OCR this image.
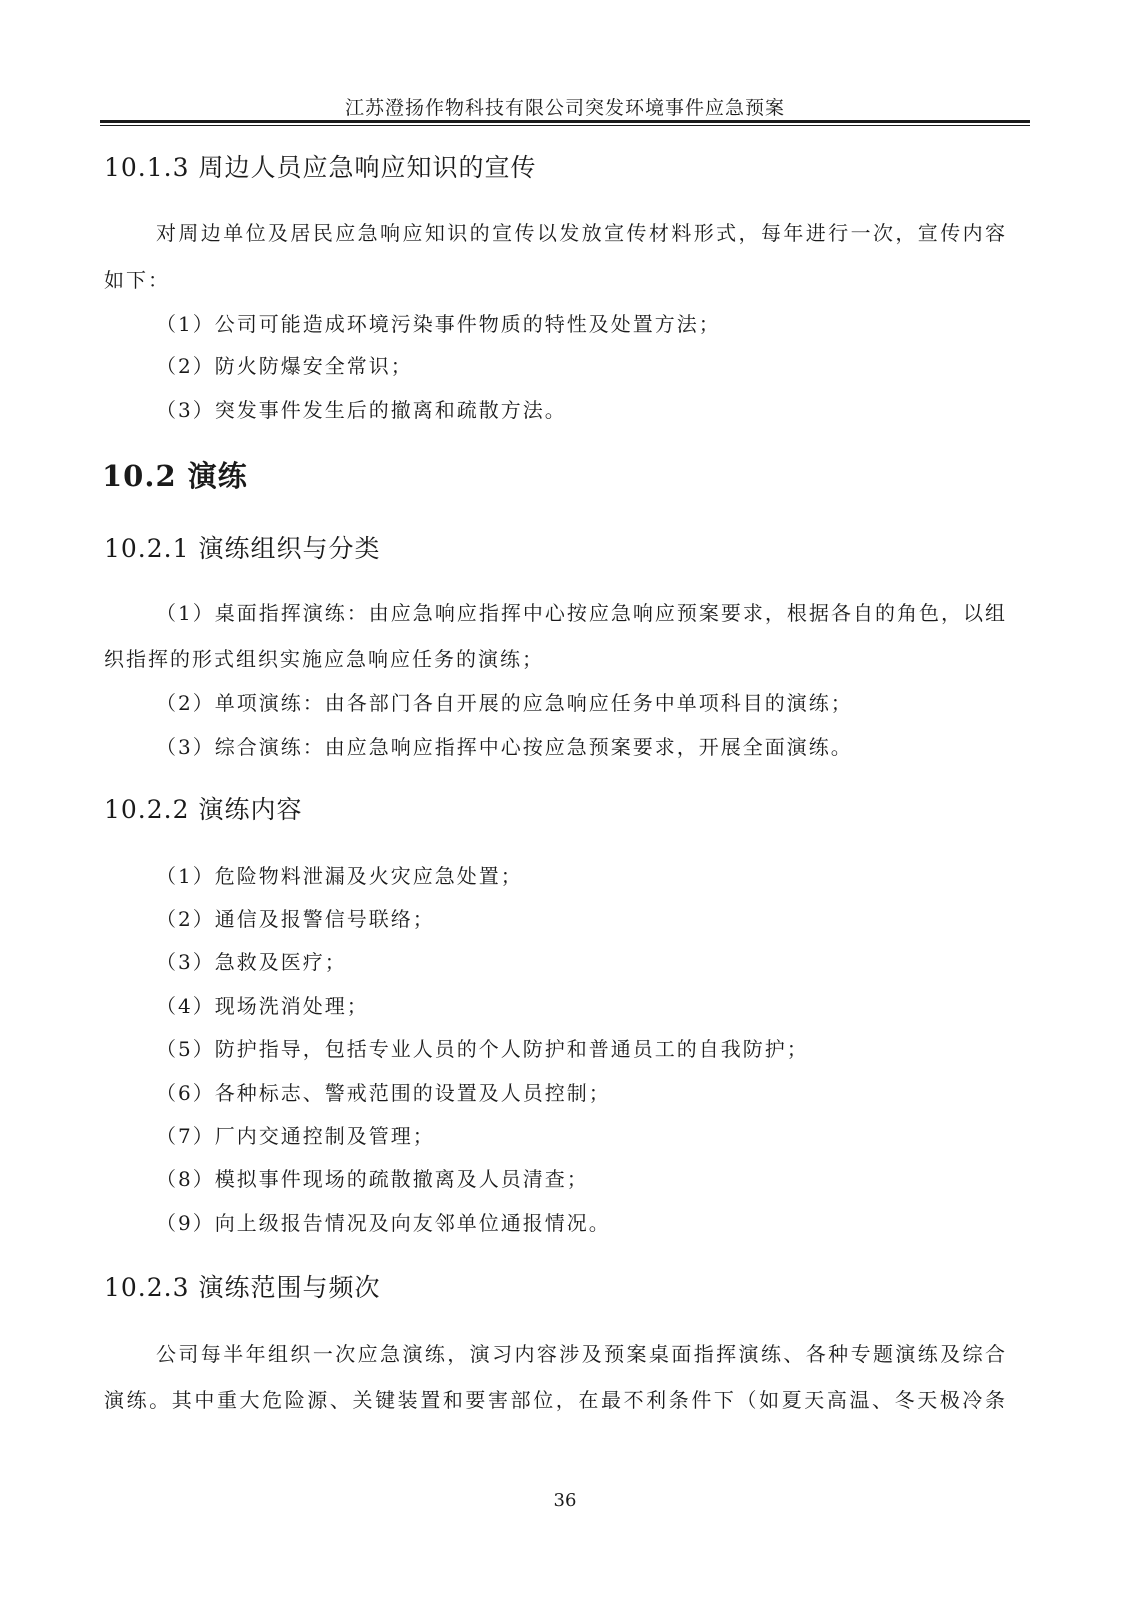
江苏澄扬作物科技有限公司突发环境事件应急预案
10.1.3 周边人员应急响应知识的宣传
对周边单位及居民应急响应知识的宣传以发放宣传材料形式，每年进行一次，宣传内容
如下：
（1）公司可能造成环境污染事件物质的特性及处置方法；
（2）防火防爆安全常识；
（3）突发事件发生后的撤离和疏散方法。
10.2 演练
10.2.1 演练组织与分类
（1）桌面指挥演练：由应急响应指挥中心按应急响应预案要求，根据各自的角色，以组
织指挥的形式组织实施应急响应任务的演练；
（2）单项演练：由各部门各自开展的应急响应任务中单项科目的演练；
（3）综合演练：由应急响应指挥中心按应急预案要求，开展全面演练。
10.2.2 演练内容
（1）危险物料泄漏及火灾应急处置；
（2）通信及报警信号联络；
（3）急救及医疗；
（4）现场洗消处理；
（5）防护指导，包括专业人员的个人防护和普通员工的自我防护；
（6）各种标志、警戒范围的设置及人员控制；
（7）厂内交通控制及管理；
（8）模拟事件现场的疏散撤离及人员清查；
（9）向上级报告情况及向友邻单位通报情况。
10.2.3 演练范围与频次
公司每半年组织一次应急演练，演习内容涉及预案桌面指挥演练、各种专题演练及综合
演练。其中重大危险源、关键装置和要害部位，在最不利条件下（如夏天高温、冬天极冷条
36
